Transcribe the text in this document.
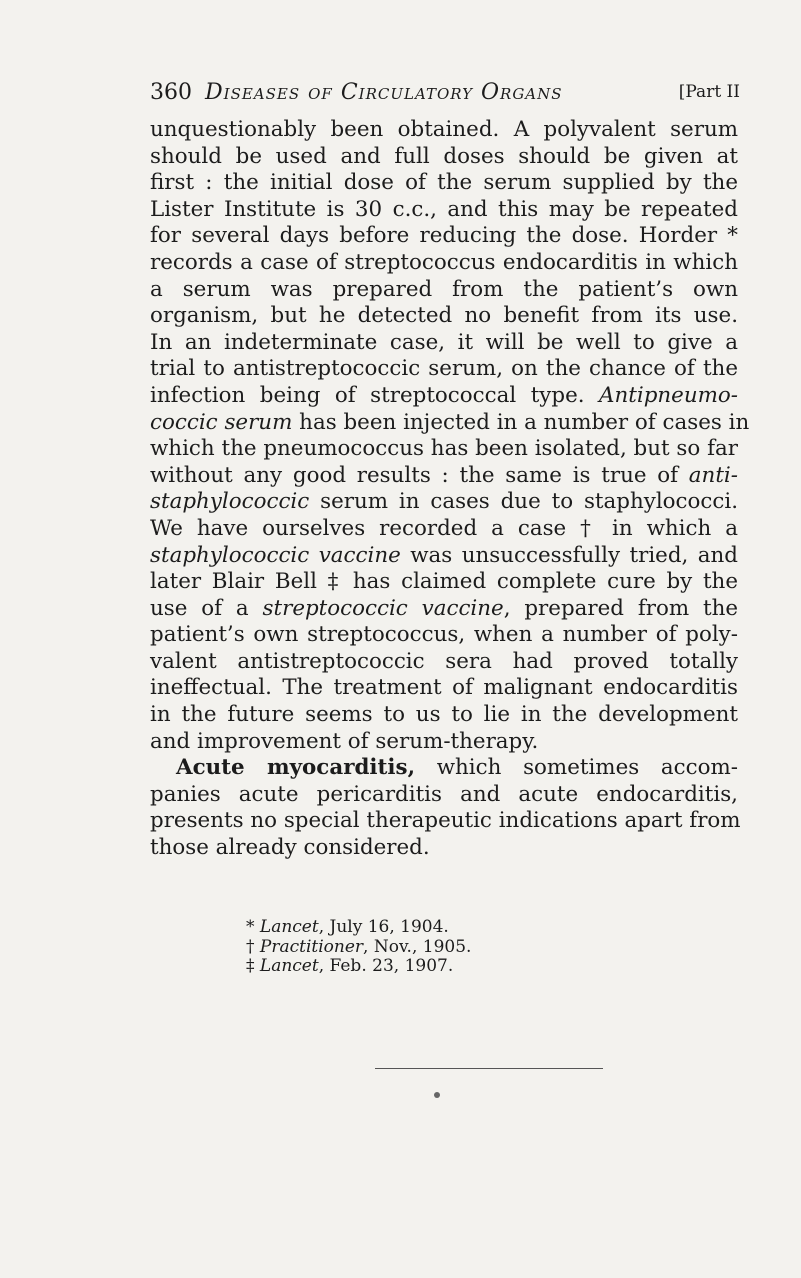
360 Diseases of Circulatory Organs	[Part II
unquestionably been obtained. A polyvalent serum
should be used and full doses should be given at
first : the initial dose of the serum supplied by the
Lister Institute is 30 c.c., and this may be repeated
for several days before reducing the dose. Horder *
records a case of streptococcus endocarditis in which
a serum was prepared from the patient’s own
organism, but he detected no benefit from its use.
In an indeterminate case, it will be well to give a
trial to antistreptococcic serum, on the chance of the
infection being of streptococcal type. Antipneumo-
coccic serum has been injected in a number of cases in
which the pneumococcus has been isolated, but so far
without any good results : the same is true of anti-
staphylococcic serum in cases due to staphylococci.
We have ourselves recorded a case † in which a
staphylococcic vaccine was unsuccessfully tried, and
later Blair Bell ‡ has claimed complete cure by the
use of a streptococcic vaccine, prepared from the
patient’s own streptococcus, when a number of poly-
valent antistreptococcic sera had proved totally
ineffectual. The treatment of malignant endocarditis
in the future seems to us to lie in the development
and improvement of serum-therapy.
Acute myocarditis, which sometimes accom-
panies acute pericarditis and acute endocarditis,
presents no special therapeutic indications apart from
those already considered.
* Lancet, July 16, 1904.
† Practitioner, Nov., 1905.
‡ Lancet, Feb. 23, 1907.
